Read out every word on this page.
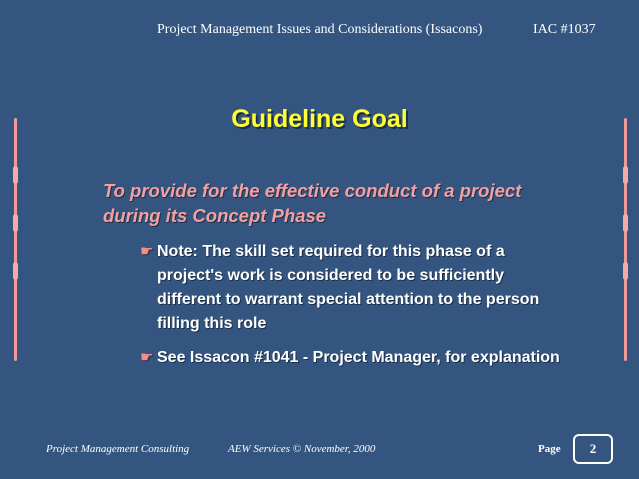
Project Management Issues and Considerations (Issacons)	IAC #1037
Guideline Goal
To provide for the effective conduct of a project during its Concept Phase
☛ Note: The skill set required for this phase of a project's work is considered to be sufficiently different to warrant special attention to the person filling this role
☛ See Issacon #1041 - Project Manager, for explanation
Project Management Consulting	AEW Services © November, 2000	Page	2
